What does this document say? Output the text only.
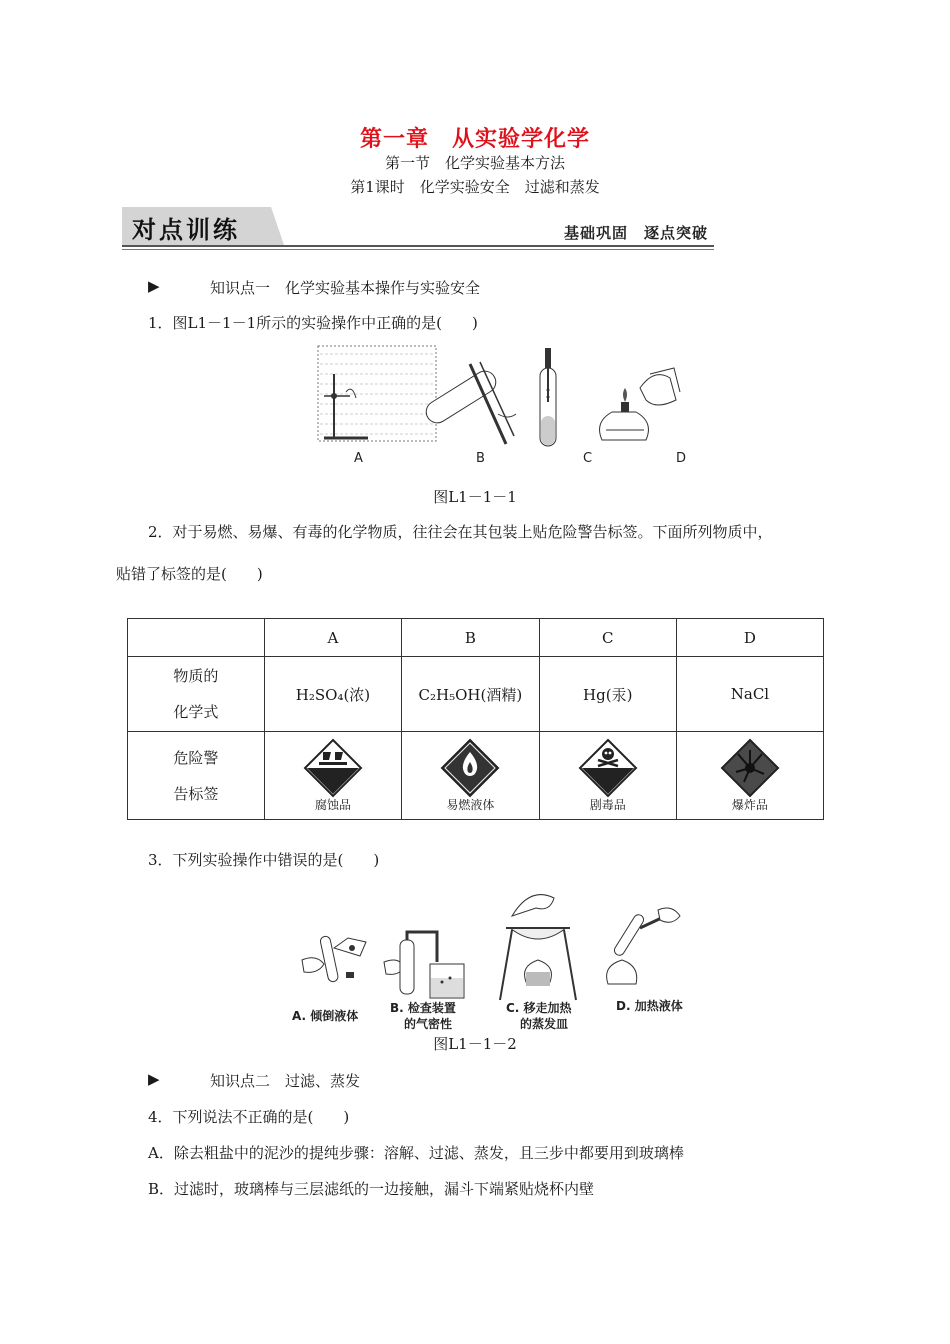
第一章　从实验学化学
第一节　化学实验基本方法
第1课时　化学实验安全　过滤和蒸发
对点训练	基础巩固　逐点突破
▶	知识点一　化学实验基本操作与实验安全
1．图L1－1－1所示的实验操作中正确的是(　　)
A	B	C	D
图L1－1－1
2．对于易燃、易爆、有毒的化学物质，往往会在其包装上贴危险警告标签。下面所列物质中，
贴错了标签的是(　　)
	A	B	C	D

物质的
化学式	H₂SO₄(浓)	C₂H₅OH(酒精)	Hg(汞)	NaCl

危险警
告标签	腐蚀品	易燃液体	剧毒品	爆炸品
3．下列实验操作中错误的是(　　)
A. 倾倒液体
B. 检查装置
的气密性
C. 移走加热
的蒸发皿
D. 加热液体
图L1－1－2
▶	知识点二　过滤、蒸发
4．下列说法不正确的是(　　)
A．除去粗盐中的泥沙的提纯步骤：溶解、过滤、蒸发，且三步中都要用到玻璃棒
B．过滤时，玻璃棒与三层滤纸的一边接触，漏斗下端紧贴烧杯内壁
